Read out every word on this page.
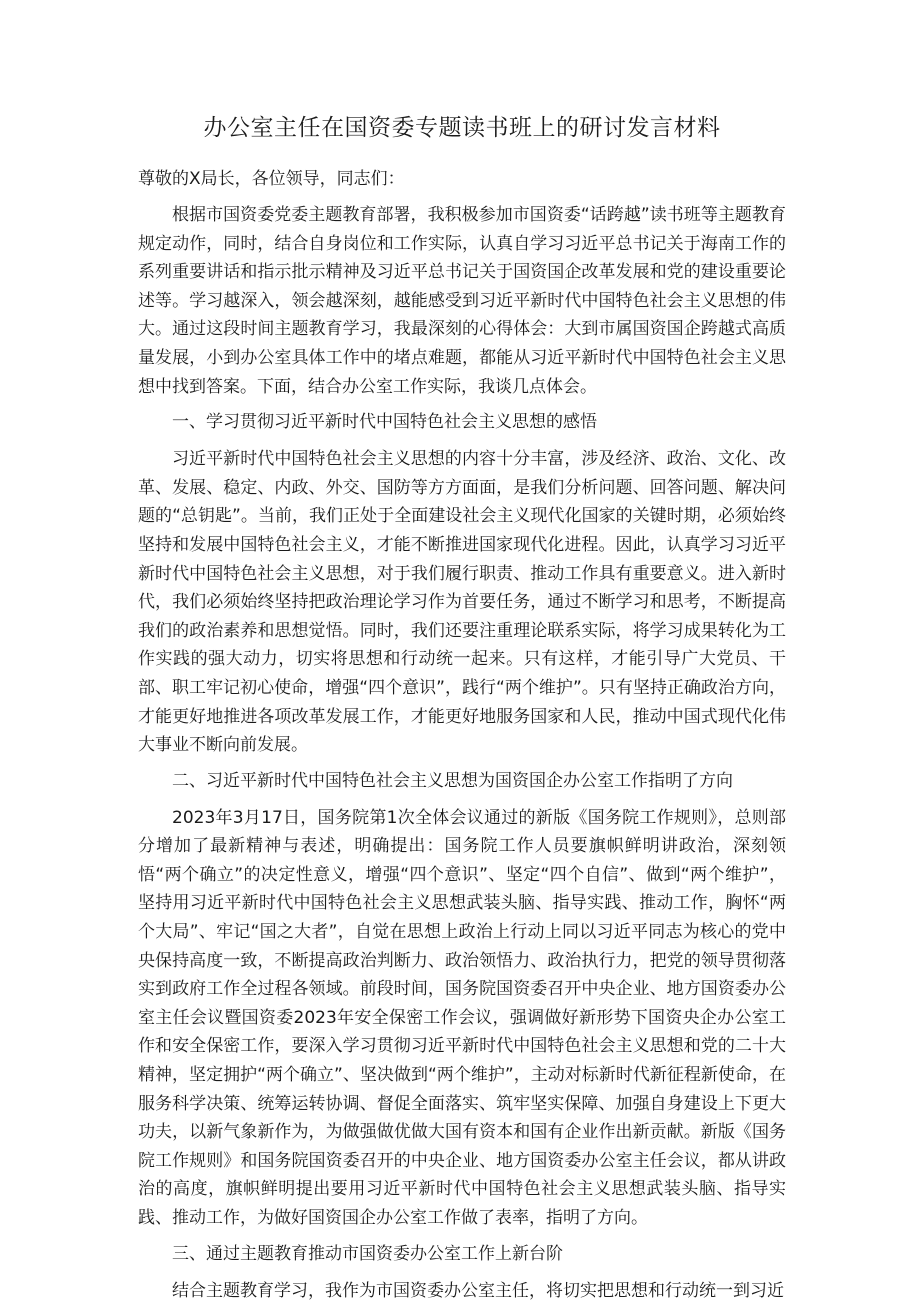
办公室主任在国资委专题读书班上的研讨发言材料
尊敬的X局长，各位领导，同志们：

根据市国资委党委主题教育部署，我积极参加市国资委“话跨越”读书班等主题教育规定动作，同时，结合自身岗位和工作实际，认真自学习习近平总书记关于海南工作的系列重要讲话和指示批示精神及习近平总书记关于国资国企改革发展和党的建设重要论述等。学习越深入，领会越深刻，越能感受到习近平新时代中国特色社会主义思想的伟大。通过这段时间主题教育学习，我最深刻的心得体会：大到市属国资国企跨越式高质量发展，小到办公室具体工作中的堵点难题，都能从习近平新时代中国特色社会主义思想中找到答案。下面，结合办公室工作实际，我谈几点体会。

一、学习贯彻习近平新时代中国特色社会主义思想的感悟

习近平新时代中国特色社会主义思想的内容十分丰富，涉及经济、政治、文化、改革、发展、稳定、内政、外交、国防等方方面面，是我们分析问题、回答问题、解决问题的“总钥匙”。当前，我们正处于全面建设社会主义现代化国家的关键时期，必须始终坚持和发展中国特色社会主义，才能不断推进国家现代化进程。因此，认真学习习近平新时代中国特色社会主义思想，对于我们履行职责、推动工作具有重要意义。进入新时代，我们必须始终坚持把政治理论学习作为首要任务，通过不断学习和思考，不断提高我们的政治素养和思想觉悟。同时，我们还要注重理论联系实际，将学习成果转化为工作实践的强大动力，切实将思想和行动统一起来。只有这样，才能引导广大党员、干部、职工牢记初心使命，增强“四个意识”，践行“两个维护”。只有坚持正确政治方向，才能更好地推进各项改革发展工作，才能更好地服务国家和人民，推动中国式现代化伟大事业不断向前发展。

二、习近平新时代中国特色社会主义思想为国资国企办公室工作指明了方向

2023年3月17日，国务院第1次全体会议通过的新版《国务院工作规则》，总则部分增加了最新精神与表述，明确提出：国务院工作人员要旗帜鲜明讲政治，深刻领悟“两个确立”的决定性意义，增强“四个意识”、坚定“四个自信”、做到“两个维护”，坚持用习近平新时代中国特色社会主义思想武装头脑、指导实践、推动工作，胸怀“两个大局”、牢记“国之大者”，自觉在思想上政治上行动上同以习近平同志为核心的党中央保持高度一致，不断提高政治判断力、政治领悟力、政治执行力，把党的领导贯彻落实到政府工作全过程各领域。前段时间，国务院国资委召开中央企业、地方国资委办公室主任会议暨国资委2023年安全保密工作会议，强调做好新形势下国资央企办公室工作和安全保密工作，要深入学习贯彻习近平新时代中国特色社会主义思想和党的二十大精神，坚定拥护“两个确立”、坚决做到“两个维护”，主动对标新时代新征程新使命，在服务科学决策、统筹运转协调、督促全面落实、筑牢坚实保障、加强自身建设上下更大功夫，以新气象新作为，为做强做优做大国有资本和国有企业作出新贡献。新版《国务院工作规则》和国务院国资委召开的中央企业、地方国资委办公室主任会议，都从讲政治的高度，旗帜鲜明提出要用习近平新时代中国特色社会主义思想武装头脑、指导实践、推动工作，为做好国资国企办公室工作做了表率，指明了方向。

三、通过主题教育推动市国资委办公室工作上新台阶

结合主题教育学习，我作为市国资委办公室主任，将切实把思想和行动统一到习近
